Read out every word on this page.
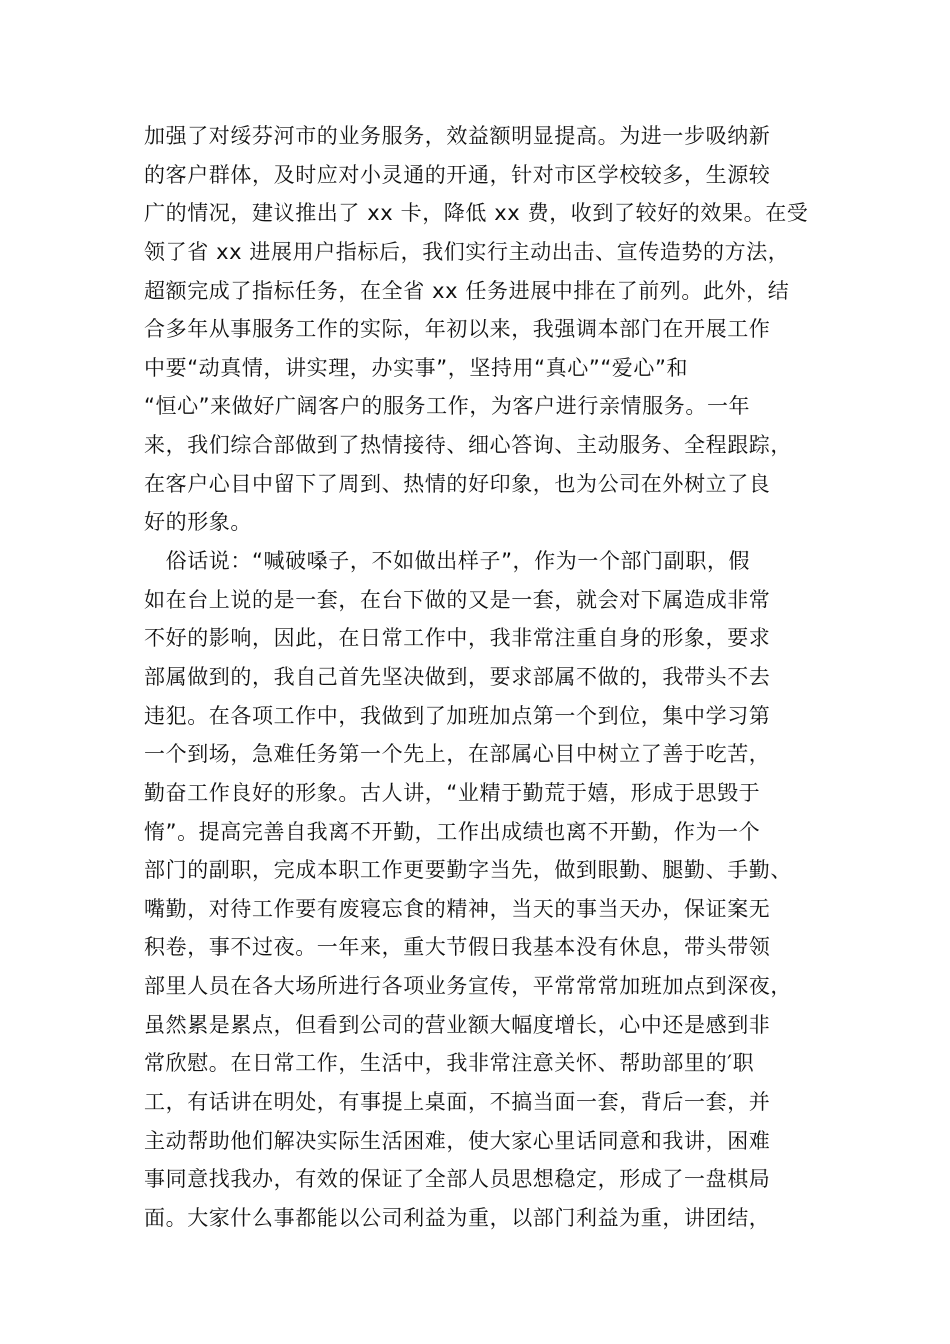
加强了对绥芬河市的业务服务，效益额明显提高。为进一步吸纳新
的客户群体，及时应对小灵通的开通，针对市区学校较多，生源较
广的情况，建议推出了 xx 卡，降低 xx 费，收到了较好的效果。在受
领了省 xx 进展用户指标后，我们实行主动出击、宣传造势的方法，
超额完成了指标任务，在全省 xx 任务进展中排在了前列。此外，结
合多年从事服务工作的实际，年初以来，我强调本部门在开展工作
中要“动真情，讲实理，办实事”，坚持用“真心”“爱心”和
“恒心”来做好广阔客户的服务工作，为客户进行亲情服务。一年
来，我们综合部做到了热情接待、细心答询、主动服务、全程跟踪，
在客户心目中留下了周到、热情的好印象，也为公司在外树立了良
好的形象。
　俗话说：“喊破嗓子，不如做出样子”，作为一个部门副职，假
如在台上说的是一套，在台下做的又是一套，就会对下属造成非常
不好的影响，因此，在日常工作中，我非常注重自身的形象，要求
部属做到的，我自己首先坚决做到，要求部属不做的，我带头不去
违犯。在各项工作中，我做到了加班加点第一个到位，集中学习第
一个到场，急难任务第一个先上，在部属心目中树立了善于吃苦，
勤奋工作良好的形象。古人讲，“业精于勤荒于嬉，形成于思毁于
惰”。提高完善自我离不开勤，工作出成绩也离不开勤，作为一个
部门的副职，完成本职工作更要勤字当先，做到眼勤、腿勤、手勤、
嘴勤，对待工作要有废寝忘食的精神，当天的事当天办，保证案无
积卷，事不过夜。一年来，重大节假日我基本没有休息，带头带领
部里人员在各大场所进行各项业务宣传，平常常常加班加点到深夜，
虽然累是累点，但看到公司的营业额大幅度增长，心中还是感到非
常欣慰。在日常工作，生活中，我非常注意关怀、帮助部里的′职
工，有话讲在明处，有事提上桌面，不搞当面一套，背后一套，并
主动帮助他们解决实际生活困难，使大家心里话同意和我讲，困难
事同意找我办，有效的保证了全部人员思想稳定，形成了一盘棋局
面。大家什么事都能以公司利益为重，以部门利益为重，讲团结，
